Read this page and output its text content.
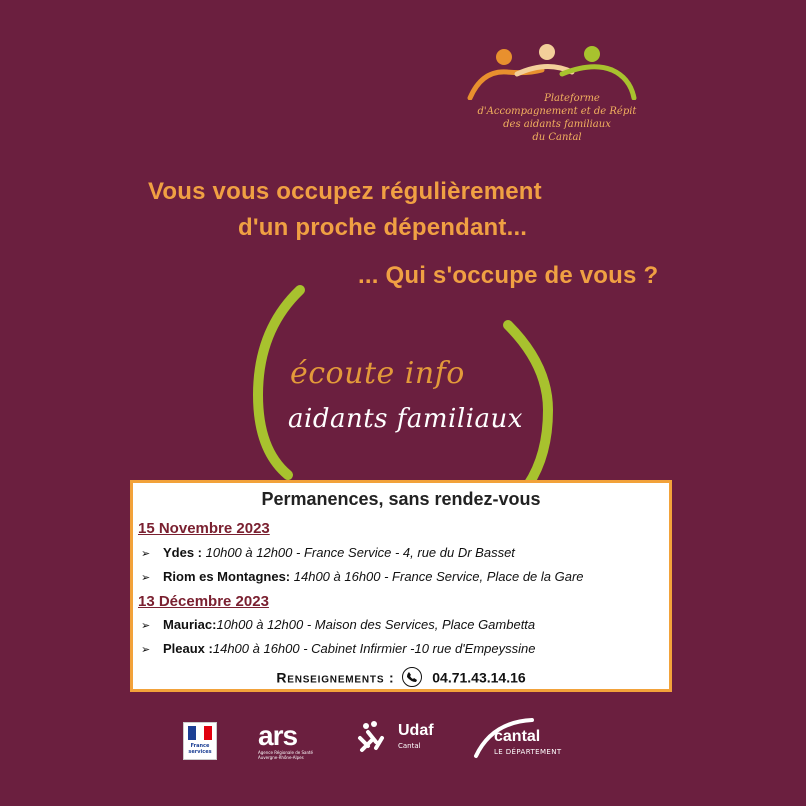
Plateforme
d'Accompagnement et de Répit
des aidants familiaux
du Cantal
Vous vous occupez régulièrement
d'un proche dépendant...
... Qui s'occupe de vous ?
écoute info
aidants familiaux
Permanences, sans rendez-vous
15 Novembre 2023
➢ Ydes : 10h00 à 12h00 - France Service - 4, rue du Dr Basset
➢ Riom es Montagnes: 14h00 à 16h00 - France Service, Place de la Gare
13 Décembre 2023
➢ Mauriac:10h00 à 12h00 - Maison des Services, Place Gambetta
➢ Pleaux :14h00 à 16h00 - Cabinet Infirmier -10 rue d'Empeyssine
Renseignements :	04.71.43.14.16
France services
ars
Agence Régionale de Santé Auvergne-Rhône-Alpes
Udaf
Cantal
cantal
LE DÉPARTEMENT
